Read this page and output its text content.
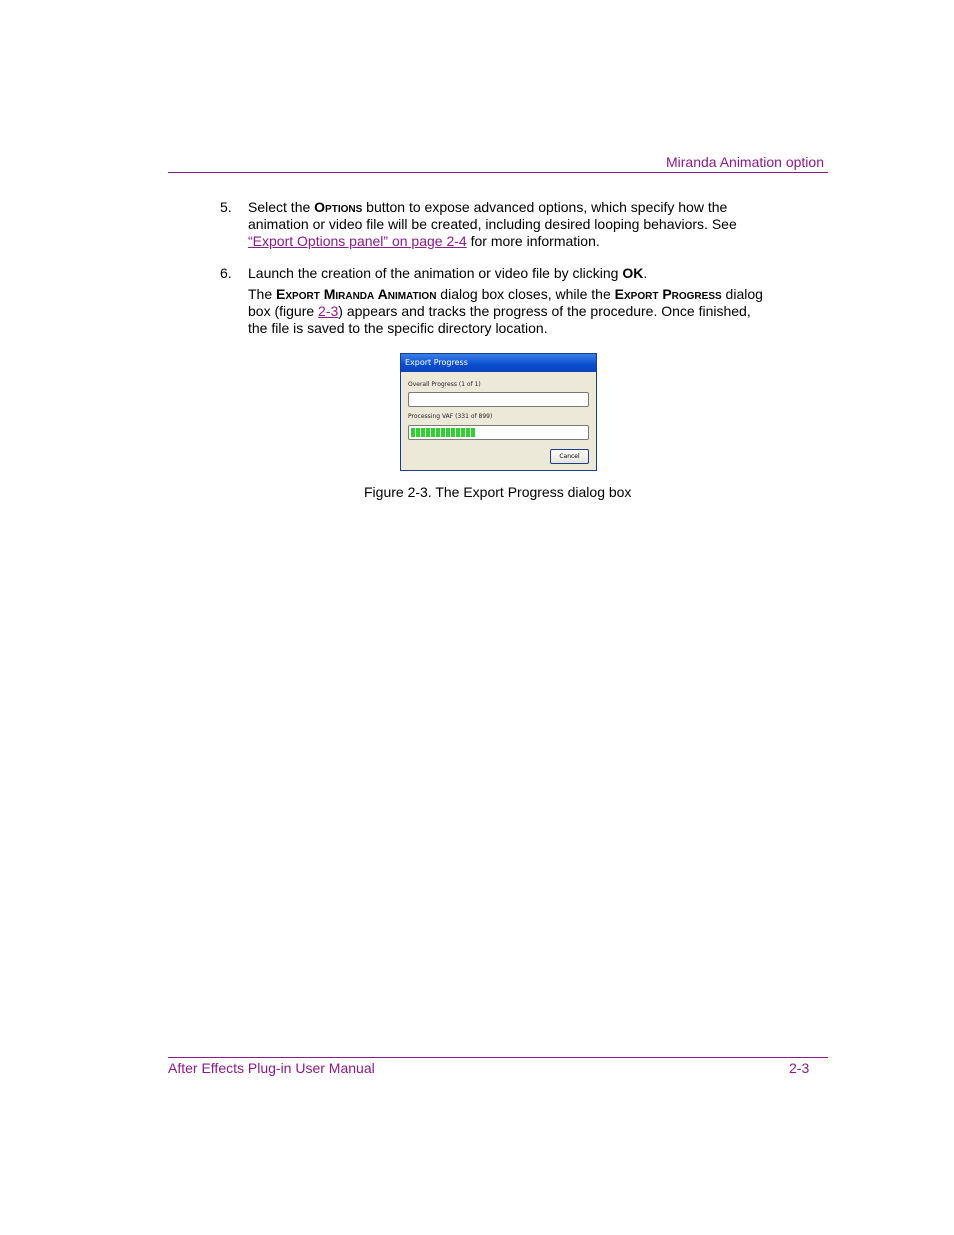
Miranda Animation option
5. Select the Options button to expose advanced options, which specify how the animation or video file will be created, including desired looping behaviors. See “Export Options panel” on page 2-4 for more information.
6. Launch the creation of the animation or video file by clicking OK.
The Export Miranda Animation dialog box closes, while the Export Progress dialog box (figure 2-3) appears and tracks the progress of the procedure. Once finished, the file is saved to the specific directory location.
Export Progress
Overall Progress (1 of 1)
Processing VAF (331 of 899)
Cancel
Figure 2-3. The Export Progress dialog box
After Effects Plug-in User Manual	2-3
